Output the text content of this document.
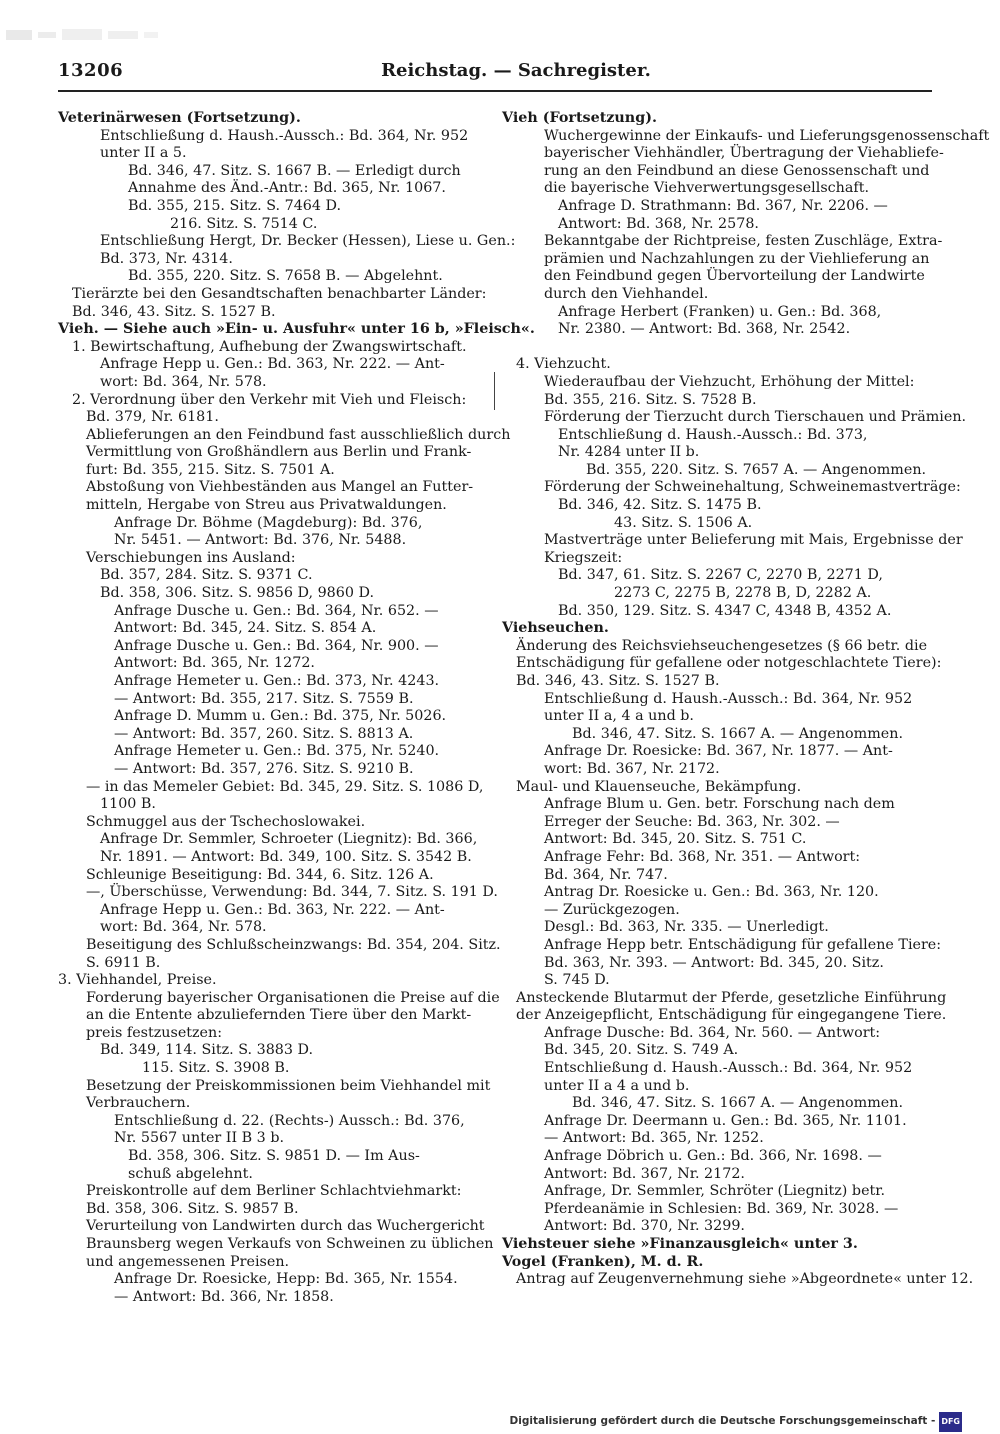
13206	Reichstag. — Sachregister.
Veterinärwesen (Fortsetzung).
Entschließung d. Haush.-Aussch.: Bd. 364, Nr. 952
unter II a 5.
Bd. 346, 47. Sitz. S. 1667 B. — Erledigt durch
Annahme des Änd.-Antr.: Bd. 365, Nr. 1067.
Bd. 355, 215. Sitz. S. 7464 D.
216. Sitz. S. 7514 C.
Entschließung Hergt, Dr. Becker (Hessen), Liese u. Gen.:
Bd. 373, Nr. 4314.
Bd. 355, 220. Sitz. S. 7658 B. — Abgelehnt.
Tierärzte bei den Gesandtschaften benachbarter Länder:
Bd. 346, 43. Sitz. S. 1527 B.
Vieh. — Siehe auch »Ein- u. Ausfuhr« unter 16 b, »Fleisch«.
1. Bewirtschaftung, Aufhebung der Zwangswirtschaft.
Anfrage Hepp u. Gen.: Bd. 363, Nr. 222. — Ant-
wort: Bd. 364, Nr. 578.
2. Verordnung über den Verkehr mit Vieh und Fleisch:
Bd. 379, Nr. 6181.
Ablieferungen an den Feindbund fast ausschließlich durch
Vermittlung von Großhändlern aus Berlin und Frank-
furt: Bd. 355, 215. Sitz. S. 7501 A.
Abstoßung von Viehbeständen aus Mangel an Futter-
mitteln, Hergabe von Streu aus Privatwaldungen.
Anfrage Dr. Böhme (Magdeburg): Bd. 376,
Nr. 5451. — Antwort: Bd. 376, Nr. 5488.
Verschiebungen ins Ausland:
Bd. 357, 284. Sitz. S. 9371 C.
Bd. 358, 306. Sitz. S. 9856 D, 9860 D.
Anfrage Dusche u. Gen.: Bd. 364, Nr. 652. —
Antwort: Bd. 345, 24. Sitz. S. 854 A.
Anfrage Dusche u. Gen.: Bd. 364, Nr. 900. —
Antwort: Bd. 365, Nr. 1272.
Anfrage Hemeter u. Gen.: Bd. 373, Nr. 4243.
— Antwort: Bd. 355, 217. Sitz. S. 7559 B.
Anfrage D. Mumm u. Gen.: Bd. 375, Nr. 5026.
— Antwort: Bd. 357, 260. Sitz. S. 8813 A.
Anfrage Hemeter u. Gen.: Bd. 375, Nr. 5240.
— Antwort: Bd. 357, 276. Sitz. S. 9210 B.
— in das Memeler Gebiet: Bd. 345, 29. Sitz. S. 1086 D,
1100 B.
Schmuggel aus der Tschechoslowakei.
Anfrage Dr. Semmler, Schroeter (Liegnitz): Bd. 366,
Nr. 1891. — Antwort: Bd. 349, 100. Sitz. S. 3542 B.
Schleunige Beseitigung: Bd. 344, 6. Sitz. 126 A.
—, Überschüsse, Verwendung: Bd. 344, 7. Sitz. S. 191 D.
Anfrage Hepp u. Gen.: Bd. 363, Nr. 222. — Ant-
wort: Bd. 364, Nr. 578.
Beseitigung des Schlußscheinzwangs: Bd. 354, 204. Sitz.
S. 6911 B.
3. Viehhandel, Preise.
Forderung bayerischer Organisationen die Preise auf die
an die Entente abzuliefernden Tiere über den Markt-
preis festzusetzen:
Bd. 349, 114. Sitz. S. 3883 D.
115. Sitz. S. 3908 B.
Besetzung der Preiskommissionen beim Viehhandel mit
Verbrauchern.
Entschließung d. 22. (Rechts-) Aussch.: Bd. 376,
Nr. 5567 unter II B 3 b.
Bd. 358, 306. Sitz. S. 9851 D. — Im Aus-
schuß abgelehnt.
Preiskontrolle auf dem Berliner Schlachtviehmarkt:
Bd. 358, 306. Sitz. S. 9857 B.
Verurteilung von Landwirten durch das Wuchergericht
Braunsberg wegen Verkaufs von Schweinen zu üblichen
und angemessenen Preisen.
Anfrage Dr. Roesicke, Hepp: Bd. 365, Nr. 1554.
— Antwort: Bd. 366, Nr. 1858.
Vieh (Fortsetzung).
Wuchergewinne der Einkaufs- und Lieferungsgenossenschaft
bayerischer Viehhändler, Übertragung der Viehabliefe-
rung an den Feindbund an diese Genossenschaft und
die bayerische Viehverwertungsgesellschaft.
Anfrage D. Strathmann: Bd. 367, Nr. 2206. —
Antwort: Bd. 368, Nr. 2578.
Bekanntgabe der Richtpreise, festen Zuschläge, Extra-
prämien und Nachzahlungen zu der Viehlieferung an
den Feindbund gegen Übervorteilung der Landwirte
durch den Viehhandel.
Anfrage Herbert (Franken) u. Gen.: Bd. 368,
Nr. 2380. — Antwort: Bd. 368, Nr. 2542.
4. Viehzucht.
Wiederaufbau der Viehzucht, Erhöhung der Mittel:
Bd. 355, 216. Sitz. S. 7528 B.
Förderung der Tierzucht durch Tierschauen und Prämien.
Entschließung d. Haush.-Aussch.: Bd. 373,
Nr. 4284 unter II b.
Bd. 355, 220. Sitz. S. 7657 A. — Angenommen.
Förderung der Schweinehaltung, Schweinemastverträge:
Bd. 346, 42. Sitz. S. 1475 B.
43. Sitz. S. 1506 A.
Mastverträge unter Belieferung mit Mais, Ergebnisse der
Kriegszeit:
Bd. 347, 61. Sitz. S. 2267 C, 2270 B, 2271 D,
2273 C, 2275 B, 2278 B, D, 2282 A.
Bd. 350, 129. Sitz. S. 4347 C, 4348 B, 4352 A.
Viehseuchen.
Änderung des Reichsviehseuchengesetzes (§ 66 betr. die
Entschädigung für gefallene oder notgeschlachtete Tiere):
Bd. 346, 43. Sitz. S. 1527 B.
Entschließung d. Haush.-Aussch.: Bd. 364, Nr. 952
unter II a, 4 a und b.
Bd. 346, 47. Sitz. S. 1667 A. — Angenommen.
Anfrage Dr. Roesicke: Bd. 367, Nr. 1877. — Ant-
wort: Bd. 367, Nr. 2172.
Maul- und Klauenseuche, Bekämpfung.
Anfrage Blum u. Gen. betr. Forschung nach dem
Erreger der Seuche: Bd. 363, Nr. 302. —
Antwort: Bd. 345, 20. Sitz. S. 751 C.
Anfrage Fehr: Bd. 368, Nr. 351. — Antwort:
Bd. 364, Nr. 747.
Antrag Dr. Roesicke u. Gen.: Bd. 363, Nr. 120.
— Zurückgezogen.
Desgl.: Bd. 363, Nr. 335. — Unerledigt.
Anfrage Hepp betr. Entschädigung für gefallene Tiere:
Bd. 363, Nr. 393. — Antwort: Bd. 345, 20. Sitz.
S. 745 D.
Ansteckende Blutarmut der Pferde, gesetzliche Einführung
der Anzeigepflicht, Entschädigung für eingegangene Tiere.
Anfrage Dusche: Bd. 364, Nr. 560. — Antwort:
Bd. 345, 20. Sitz. S. 749 A.
Entschließung d. Haush.-Aussch.: Bd. 364, Nr. 952
unter II a 4 a und b.
Bd. 346, 47. Sitz. S. 1667 A. — Angenommen.
Anfrage Dr. Deermann u. Gen.: Bd. 365, Nr. 1101.
— Antwort: Bd. 365, Nr. 1252.
Anfrage Döbrich u. Gen.: Bd. 366, Nr. 1698. —
Antwort: Bd. 367, Nr. 2172.
Anfrage, Dr. Semmler, Schröter (Liegnitz) betr.
Pferdeanämie in Schlesien: Bd. 369, Nr. 3028. —
Antwort: Bd. 370, Nr. 3299.
Viehsteuer siehe »Finanzausgleich« unter 3.
Vogel (Franken), M. d. R.
Antrag auf Zeugenvernehmung siehe »Abgeordnete« unter 12.
Digitalisierung gefördert durch die Deutsche Forschungsgemeinschaft - DFG
